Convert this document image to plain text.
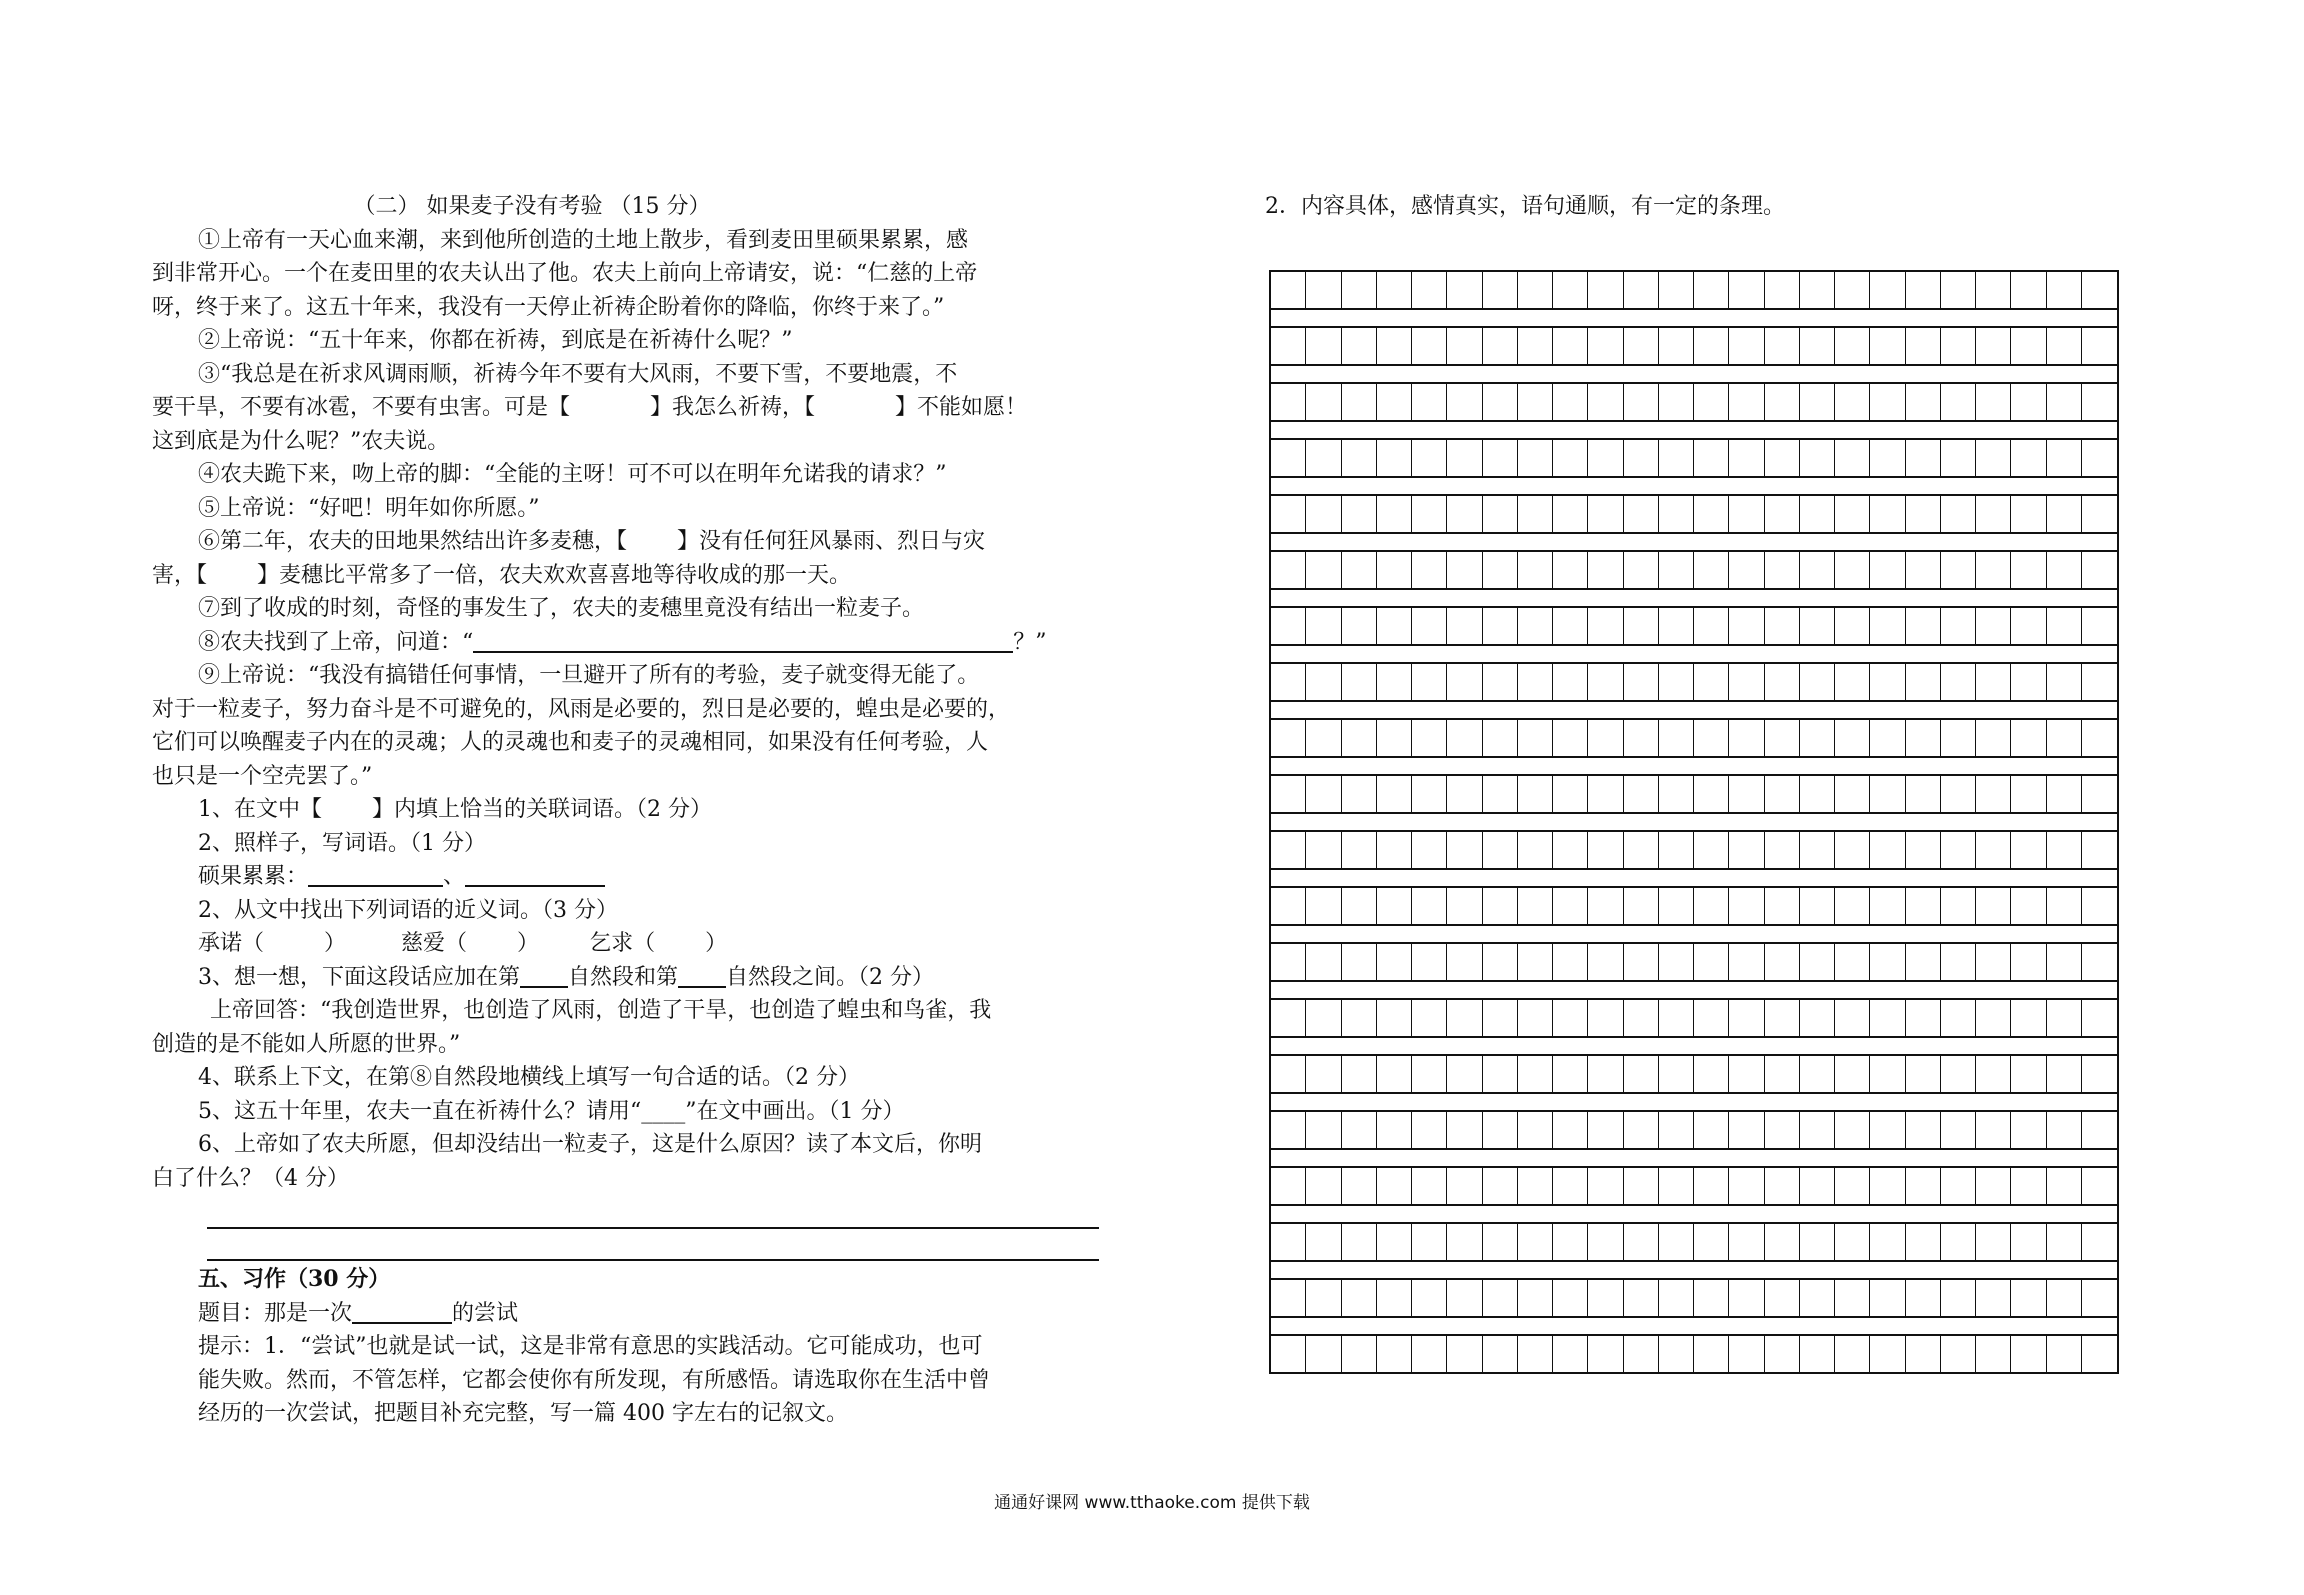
（二） 如果麦子没有考验 （15 分）
①上帝有一天心血来潮，来到他所创造的土地上散步，看到麦田里硕果累累，感
到非常开心。一个在麦田里的农夫认出了他。农夫上前向上帝请安，说：“仁慈的上帝
呀，终于来了。这五十年来，我没有一天停止祈祷企盼着你的降临，你终于来了。”
②上帝说：“五十年来，你都在祈祷，到底是在祈祷什么呢？”
③“我总是在祈求风调雨顺，祈祷今年不要有大风雨，不要下雪，不要地震，不
要干旱，不要有冰雹，不要有虫害。可是【	】我怎么祈祷，【	】不能如愿！
这到底是为什么呢？”农夫说。
④农夫跪下来，吻上帝的脚：“全能的主呀！可不可以在明年允诺我的请求？”
⑤上帝说：“好吧！明年如你所愿。”
⑥第二年，农夫的田地果然结出许多麦穗，【 】没有任何狂风暴雨、烈日与灾
害，【 】麦穗比平常多了一倍，农夫欢欢喜喜地等待收成的那一天。
⑦到了收成的时刻，奇怪的事发生了，农夫的麦穗里竟没有结出一粒麦子。
⑧农夫找到了上帝，问道：“	？”
⑨上帝说：“我没有搞错任何事情，一旦避开了所有的考验，麦子就变得无能了。
对于一粒麦子，努力奋斗是不可避免的，风雨是必要的，烈日是必要的，蝗虫是必要的，
它们可以唤醒麦子内在的灵魂；人的灵魂也和麦子的灵魂相同，如果没有任何考验，人
也只是一个空壳罢了。”
1、在文中【 】内填上恰当的关联词语。（2 分）
2、照样子，写词语。（1 分）
硕果累累：	、
2、从文中找出下列词语的近义词。（3 分）
承诺（	）	慈爱（ ） 乞求（ ）
3、想一想，下面这段话应加在第 自然段和第 自然段之间。（2 分）
上帝回答：“我创造世界，也创造了风雨，创造了干旱，也创造了蝗虫和鸟雀，我
创造的是不能如人所愿的世界。”
4、联系上下文，在第⑧自然段地横线上填写一句合适的话。（2 分）
5、这五十年里，农夫一直在祈祷什么？请用“____”在文中画出。（1 分）
6、上帝如了农夫所愿，但却没结出一粒麦子，这是什么原因？读了本文后，你明
白了什么？（4 分）
五、习作（30 分）
题目：那是一次	的尝试
提示：1．“尝试”也就是试一试，这是非常有意思的实践活动。它可能成功，也可
能失败。然而，不管怎样，它都会使你有所发现，有所感悟。请选取你在生活中曾
经历的一次尝试，把题目补充完整，写一篇 400 字左右的记叙文。
2．内容具体，感情真实，语句通顺，有一定的条理。
通通好课网 www.tthaoke.com 提供下载
